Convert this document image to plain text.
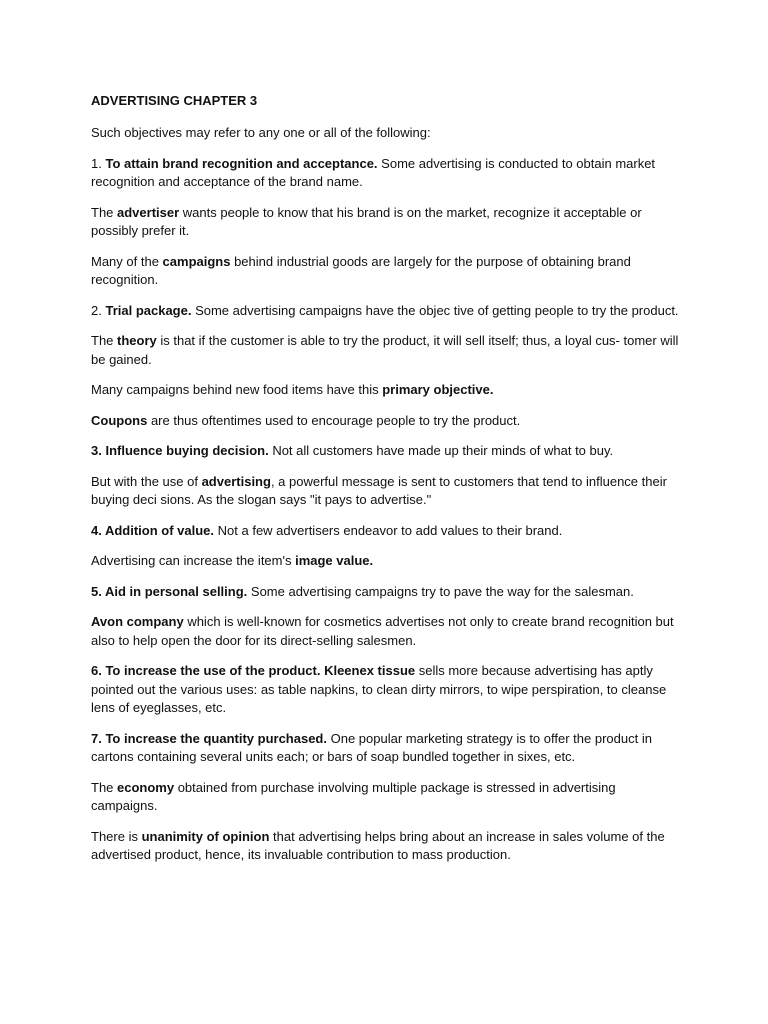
ADVERTISING CHAPTER 3

Such objectives may refer to any one or all of the following:

1. To attain brand recognition and acceptance. Some advertising is conducted to obtain market recognition and acceptance of the brand name.

The advertiser wants people to know that his brand is on the market, recognize it acceptable or possibly prefer it.

Many of the campaigns behind industrial goods are largely for the purpose of obtaining brand recognition.

2. Trial package. Some advertising campaigns have the objec tive of getting people to try the product.

The theory is that if the customer is able to try the product, it will sell itself; thus, a loyal cus- tomer will be gained.

Many campaigns behind new food items have this primary objective.

Coupons are thus oftentimes used to encourage people to try the product.

3. Influence buying decision. Not all customers have made up their minds of what to buy.

But with the use of advertising, a powerful message is sent to customers that tend to influence their buying deci sions. As the slogan says "it pays to advertise."

4. Addition of value. Not a few advertisers endeavor to add values to their brand.

Advertising can increase the item's image value.

5. Aid in personal selling. Some advertising campaigns try to pave the way for the salesman.

Avon company which is well-known for cosmetics advertises not only to create brand recognition but also to help open the door for its direct-selling salesmen.

6. To increase the use of the product. Kleenex tissue sells more because advertising has aptly pointed out the various uses: as table napkins, to clean dirty mirrors, to wipe perspiration, to cleanse lens of eyeglasses, etc.

7. To increase the quantity purchased. One popular marketing strategy is to offer the product in cartons containing several units each; or bars of soap bundled together in sixes, etc.

The economy obtained from purchase involving multiple package is stressed in advertising campaigns.

There is unanimity of opinion that advertising helps bring about an increase in sales volume of the advertised product, hence, its invaluable contribution to mass production.
